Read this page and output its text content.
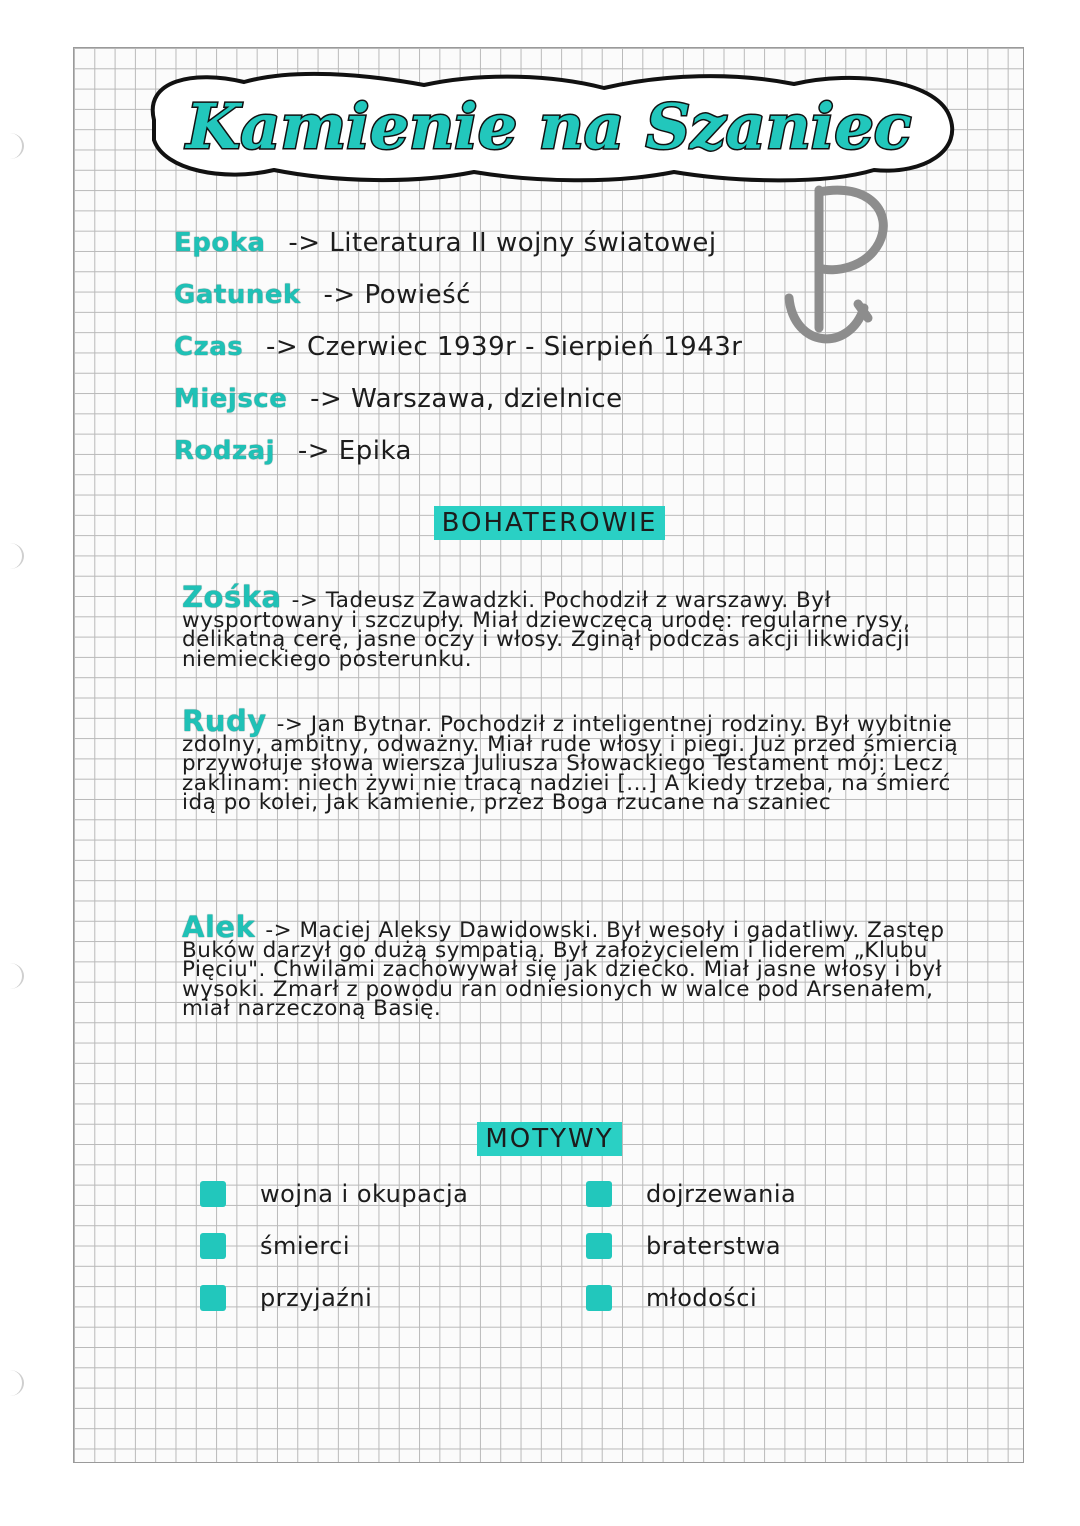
Kamienie na Szaniec
Epoka -> Literatura II wojny światowej
Gatunek -> Powieść
Czas -> Czerwiec 1939r - Sierpień 1943r
Miejsce -> Warszawa, dzielnice
Rodzaj -> Epika
BOHATEROWIE
Zośka -> Tadeusz Zawadzki. Pochodził z warszawy. Był wysportowany i szczupły. Miał dziewczęcą urodę: regularne rysy, delikatną cerę, jasne oczy i włosy. Zginął podczas akcji likwidacji niemieckiego posterunku.
Rudy -> Jan Bytnar. Pochodził z inteligentnej rodziny. Był wybitnie zdolny, ambitny, odważny. Miał rude włosy i piegi. Już przed śmiercią przywołuje słowa wiersza Juliusza Słowackiego Testament mój: Lecz zaklinam: niech żywi nie tracą nadziei [...] A kiedy trzeba, na śmierć idą po kolei, Jak kamienie, przez Boga rzucane na szaniec
Alek -> Maciej Aleksy Dawidowski. Był wesoły i gadatliwy. Zastęp Buków darzył go dużą sympatią. Był założycielem i liderem „Klubu Pięciu". Chwilami zachowywał się jak dziecko. Miał jasne włosy i był wysoki. Zmarł z powodu ran odniesionych w walce pod Arsenałem, miał narzeczoną Basię.
MOTYWY
wojna i okupacja
śmierci
przyjaźni
dojrzewania
braterstwa
młodości
